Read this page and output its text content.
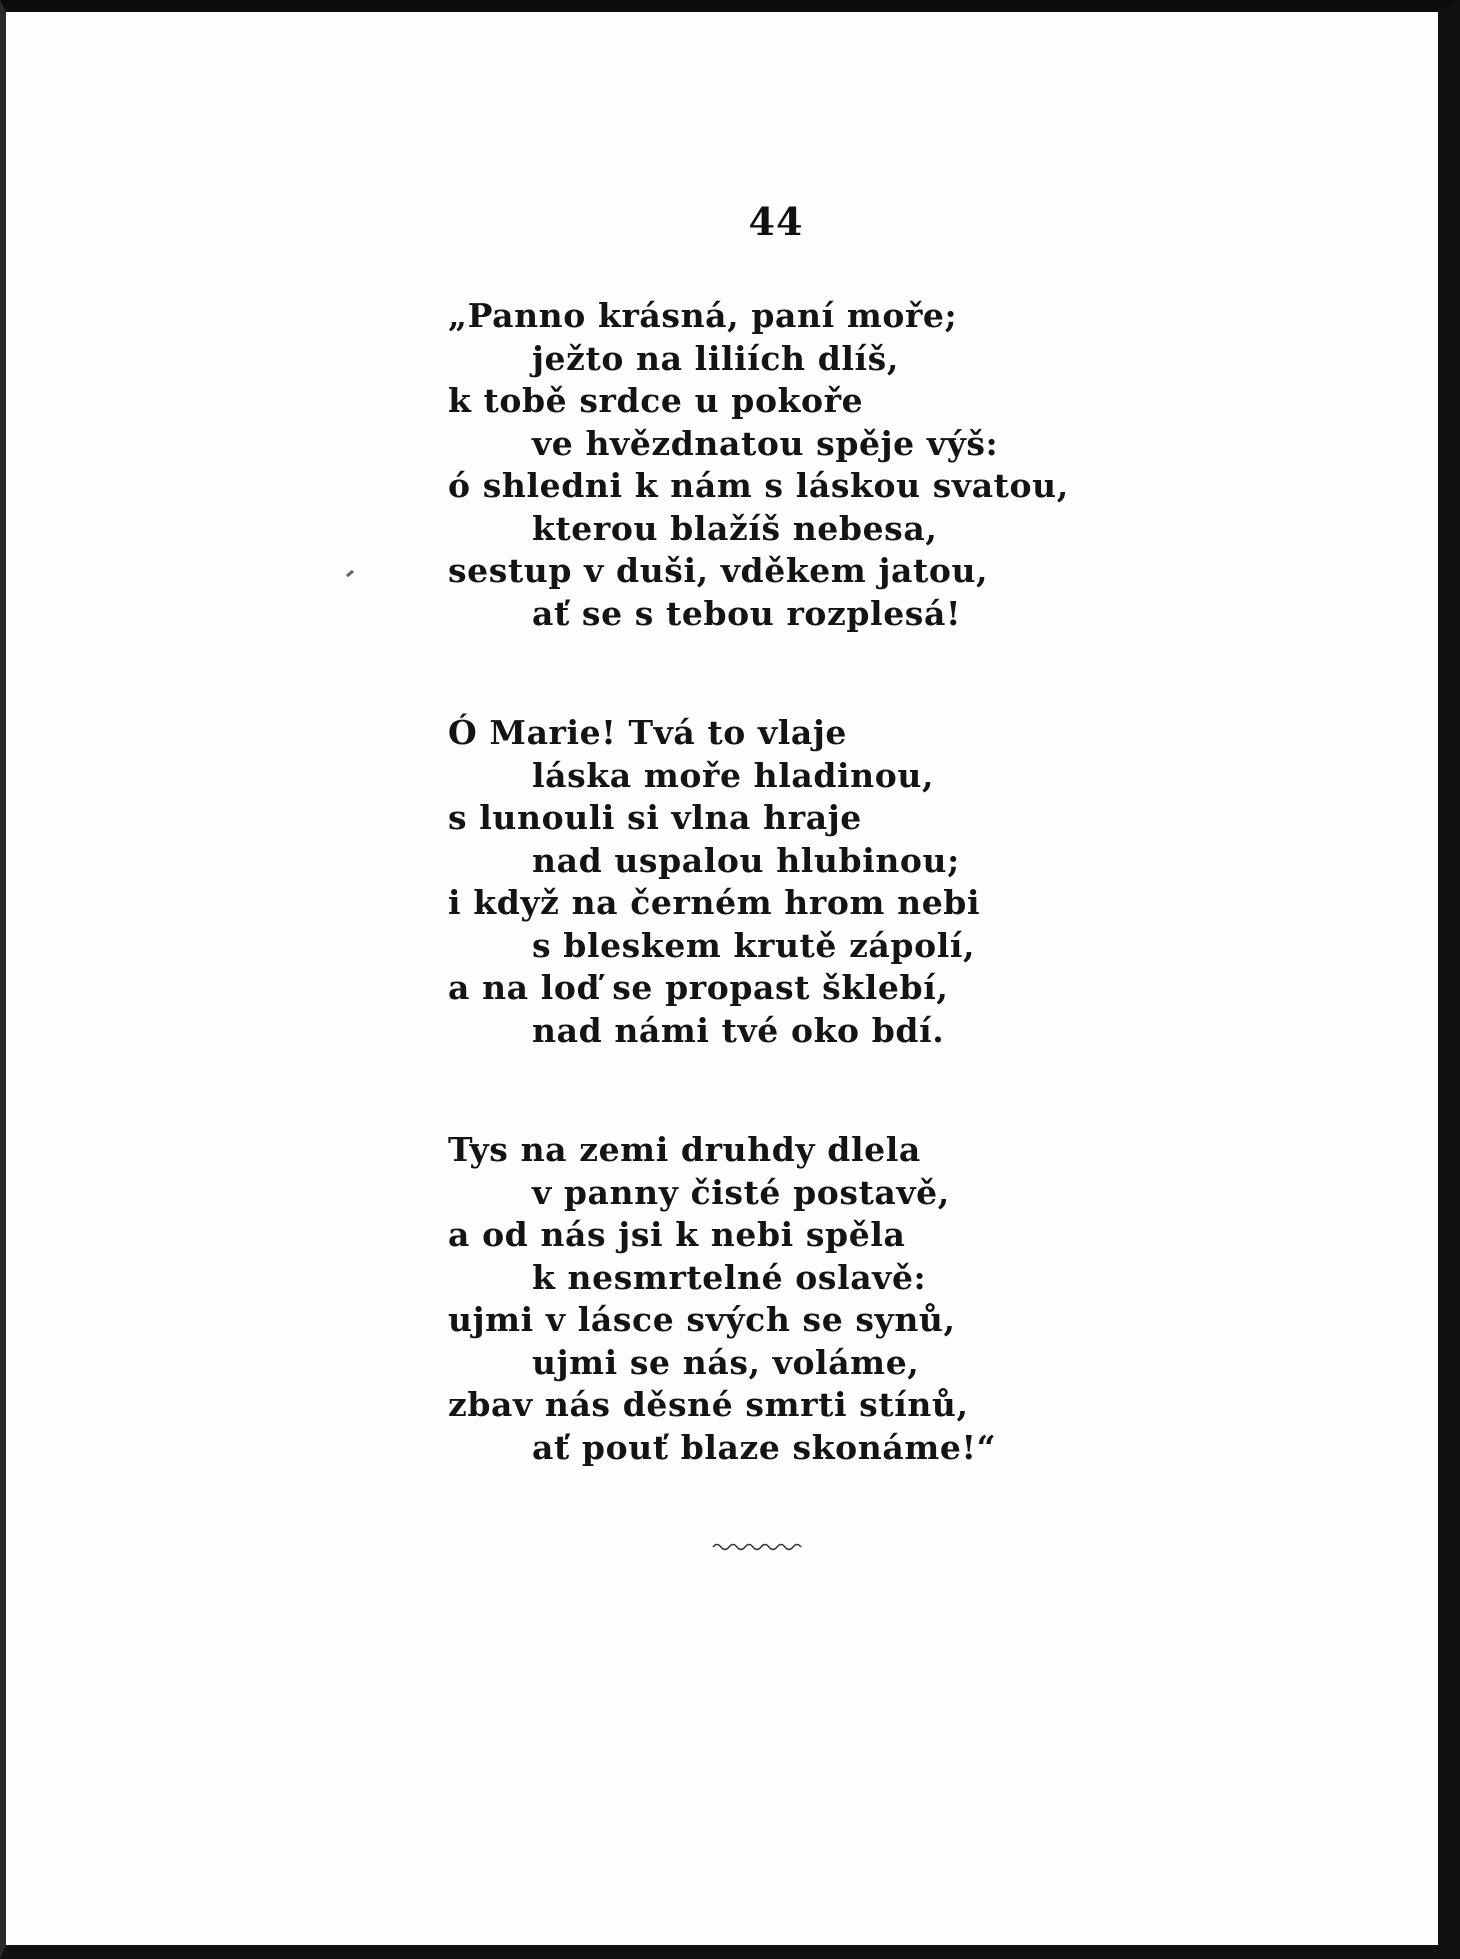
44
„Panno krásná, paní moře;
ježto na liliích dlíš,
k tobě srdce u pokoře
ve hvězdnatou spěje výš:
ó shledni k nám s láskou svatou,
kterou blažíš nebesa,
sestup v duši, vděkem jatou,
ať se s tebou rozplesá!
Ó Marie! Tvá to vlaje
láska moře hladinou,
s lunouli si vlna hraje
nad uspalou hlubinou;
i když na černém hrom nebi
s bleskem krutě zápolí,
a na loď se propast šklebí,
nad námi tvé oko bdí.
Tys na zemi druhdy dlela
v panny čisté postavě,
a od nás jsi k nebi spěla
k nesmrtelné oslavě:
ujmi v lásce svých se synů,
ujmi se nás, voláme,
zbav nás děsné smrti stínů,
ať pouť blaze skonáme!“
